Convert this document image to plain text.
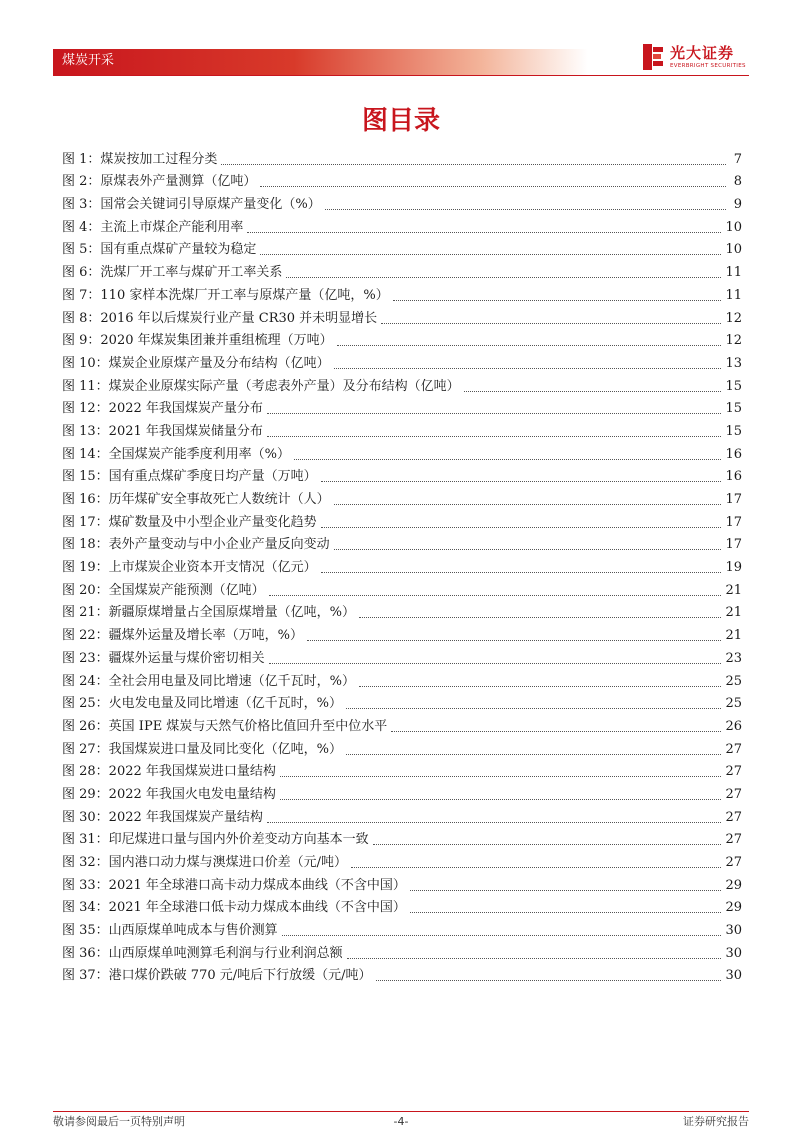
煤炭开采	光大证券
EVERBRIGHT SECURITIES
图目录
图 1：煤炭按加工过程分类	7
图 2：原煤表外产量测算（亿吨）	8
图 3：国常会关键词引导原煤产量变化（%）	9
图 4：主流上市煤企产能利用率	10
图 5：国有重点煤矿产量较为稳定	10
图 6：洗煤厂开工率与煤矿开工率关系	11
图 7：110 家样本洗煤厂开工率与原煤产量（亿吨，%）	11
图 8：2016 年以后煤炭行业产量 CR30 并未明显增长	12
图 9：2020 年煤炭集团兼并重组梳理（万吨）	12
图 10：煤炭企业原煤产量及分布结构（亿吨）	13
图 11：煤炭企业原煤实际产量（考虑表外产量）及分布结构（亿吨）	15
图 12：2022 年我国煤炭产量分布	15
图 13：2021 年我国煤炭储量分布	15
图 14：全国煤炭产能季度利用率（%）	16
图 15：国有重点煤矿季度日均产量（万吨）	16
图 16：历年煤矿安全事故死亡人数统计（人）	17
图 17：煤矿数量及中小型企业产量变化趋势	17
图 18：表外产量变动与中小企业产量反向变动	17
图 19：上市煤炭企业资本开支情况（亿元）	19
图 20：全国煤炭产能预测（亿吨）	21
图 21：新疆原煤增量占全国原煤增量（亿吨，%）	21
图 22：疆煤外运量及增长率（万吨，%）	21
图 23：疆煤外运量与煤价密切相关	23
图 24：全社会用电量及同比增速（亿千瓦时，%）	25
图 25：火电发电量及同比增速（亿千瓦时，%）	25
图 26：英国 IPE 煤炭与天然气价格比值回升至中位水平	26
图 27：我国煤炭进口量及同比变化（亿吨，%）	27
图 28：2022 年我国煤炭进口量结构	27
图 29：2022 年我国火电发电量结构	27
图 30：2022 年我国煤炭产量结构	27
图 31：印尼煤进口量与国内外价差变动方向基本一致	27
图 32：国内港口动力煤与澳煤进口价差（元/吨）	27
图 33：2021 年全球港口高卡动力煤成本曲线（不含中国）	29
图 34：2021 年全球港口低卡动力煤成本曲线（不含中国）	29
图 35：山西原煤单吨成本与售价测算	30
图 36：山西原煤单吨测算毛利润与行业利润总额	30
图 37：港口煤价跌破 770 元/吨后下行放缓（元/吨）	30
敬请参阅最后一页特别声明	-4-	证券研究报告
